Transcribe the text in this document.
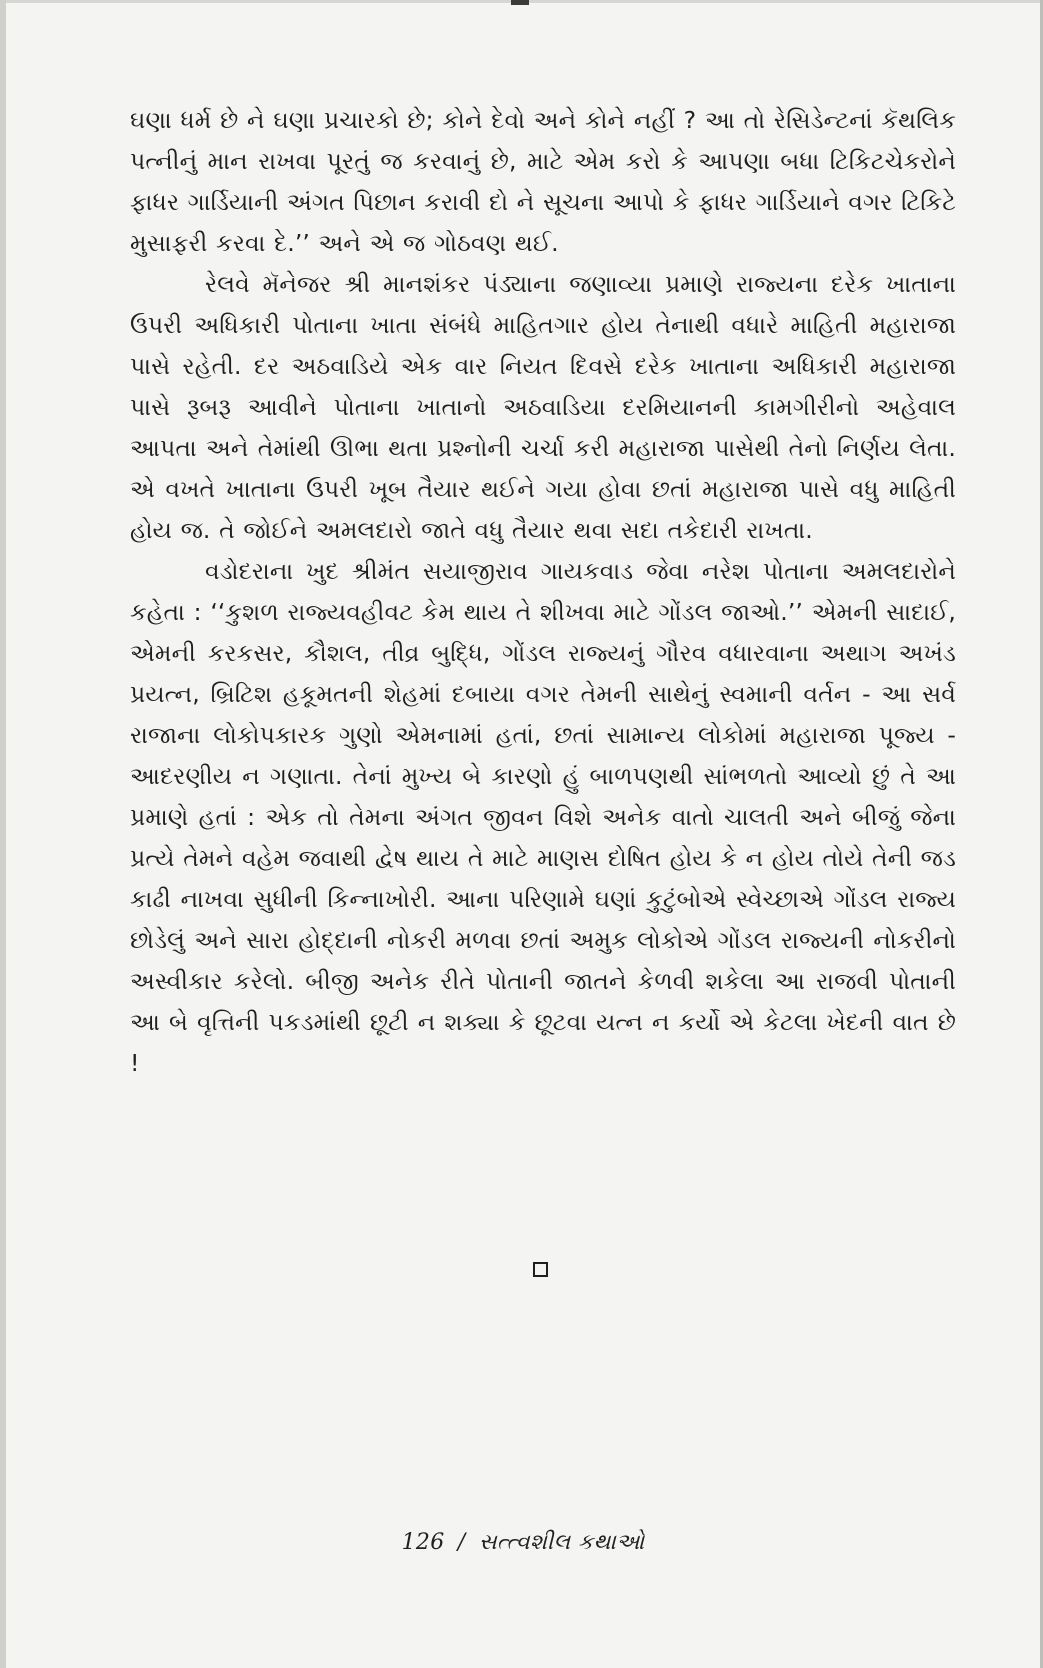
ઘણા ધર્મ છે ને ઘણા પ્રચારકો છે; કોને દેવો અને કોને નહીં ? આ તો રેસિડેન્ટનાં કૅથલિક પત્નીનું માન રાખવા પૂરતું જ કરવાનું છે, માટે એમ કરો કે આપણા બધા ટિકિટચેકરોને ફાધર ગાર્ડિયાની અંગત પિછાન કરાવી દો ને સૂચના આપો કે ફાધર ગાર્ડિયાને વગર ટિકિટે મુસાફરી કરવા દે.’’ અને એ જ ગોઠવણ થઈ.

રેલવે મૅનેજર શ્રી માનશંકર પંડ્યાના જણાવ્યા પ્રમાણે રાજ્યના દરેક ખાતાના ઉપરી અધિકારી પોતાના ખાતા સંબંધે માહિતગાર હોય તેનાથી વધારે માહિતી મહારાજા પાસે રહેતી. દર અઠવાડિયે એક વાર નિયત દિવસે દરેક ખાતાના અધિકારી મહારાજા પાસે રૂબરૂ આવીને પોતાના ખાતાનો અઠવાડિયા દરમિયાનની કામગીરીનો અહેવાલ આપતા અને તેમાંથી ઊભા થતા પ્રશ્નોની ચર્ચા કરી મહારાજા પાસેથી તેનો નિર્ણય લેતા. એ વખતે ખાતાના ઉપરી ખૂબ તૈયાર થઈને ગયા હોવા છતાં મહારાજા પાસે વધુ માહિતી હોય જ. તે જોઈને અમલદારો જાતે વધુ તૈયાર થવા સદા તકેદારી રાખતા.

વડોદરાના ખુદ શ્રીમંત સયાજીરાવ ગાયકવાડ જેવા નરેશ પોતાના અમલદારોને કહેતા : ‘‘કુશળ રાજ્યવહીવટ કેમ થાય તે શીખવા માટે ગોંડલ જાઓ.’’ એમની સાદાઈ, એમની કરકસર, કૌશલ, તીવ્ર બુદ્ધિ, ગોંડલ રાજ્યનું ગૌરવ વધારવાના અથાગ અખંડ પ્રયત્ન, બ્રિટિશ હકૂમતની શેહમાં દબાયા વગર તેમની સાથેનું સ્વમાની વર્તન - આ સર્વ રાજાના લોકોપકારક ગુણો એમનામાં હતાં, છતાં સામાન્ય લોકોમાં મહારાજા પૂજ્ય - આદરણીય ન ગણાતા. તેનાં મુખ્ય બે કારણો હું બાળપણથી સાંભળતો આવ્યો છું તે આ પ્રમાણે હતાં : એક તો તેમના અંગત જીવન વિશે અનેક વાતો ચાલતી અને બીજું જેના પ્રત્યે તેમને વહેમ જવાથી દ્વેષ થાય તે માટે માણસ દોષિત હોય કે ન હોય તોયે તેની જડ કાઢી નાખવા સુધીની કિન્નાખોરી. આના પરિણામે ઘણાં કુટુંબોએ સ્વેચ્છાએ ગોંડલ રાજ્ય છોડેલું અને સારા હોદ્દાની નોકરી મળવા છતાં અમુક લોકોએ ગોંડલ રાજ્યની નોકરીનો અસ્વીકાર કરેલો. બીજી અનેક રીતે પોતાની જાતને કેળવી શકેલા આ રાજવી પોતાની આ બે વૃત્તિની પકડમાંથી છૂટી ન શક્યા કે છૂટવા યત્ન ન કર્યો એ કેટલા ખેદની વાત છે !

126 / સત્ત્વશીલ કથાઓ
